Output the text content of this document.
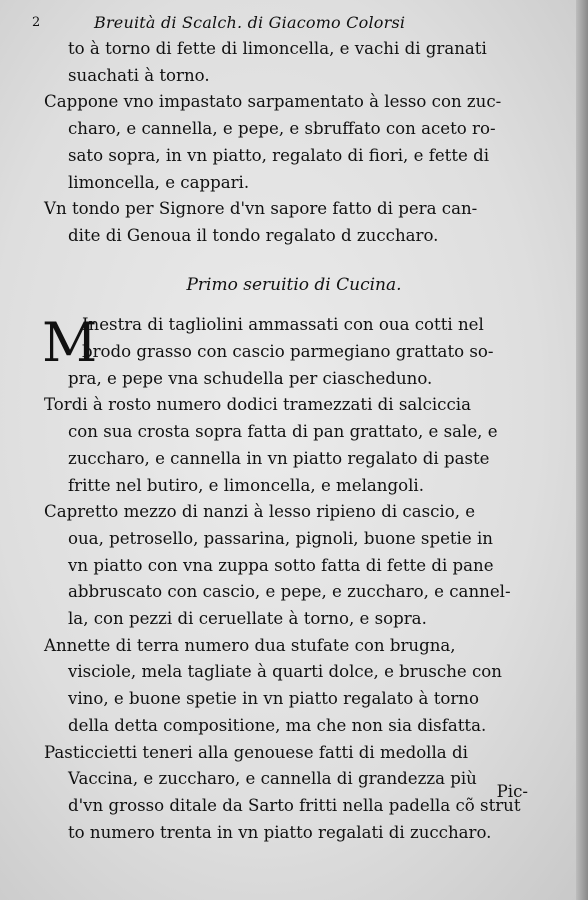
2	Breuità di Scalch. di Giacomo Colorsi
to à torno di fette di limoncella, e vachi di granati
suachati à torno.
Cappone vno impastato sarpamentato à lesso con zuc-
charo, e cannella, e pepe, e sbruffato con aceto ro-
sato sopra, in vn piatto, regalato di fiori, e fette di
limoncella, e cappari.
Vn tondo per Signore d'vn sapore fatto di pera can-
dite di Genoua il tondo regalato d zuccharo.
Primo seruitio di Cucina.
M
Inestra di tagliolini ammassati con oua cotti nel
brodo grasso con cascio parmegiano grattato so-
pra, e pepe vna schudella per ciascheduno.
Tordi à rosto numero dodici tramezzati di salciccia
con sua crosta sopra fatta di pan grattato, e sale, e
zuccharo, e cannella in vn piatto regalato di paste
fritte nel butiro, e limoncella, e melangoli.
Capretto mezzo di nanzi à lesso ripieno di cascio, e
oua, petrosello, passarina, pignoli, buone spetie in
vn piatto con vna zuppa sotto fatta di fette di pane
abbruscato con cascio, e pepe, e zuccharo, e cannel-
la, con pezzi di ceruellate à torno, e sopra.
Annette di terra numero dua stufate con brugna,
visciole, mela tagliate à quarti dolce, e brusche con
vino, e buone spetie in vn piatto regalato à torno
della detta compositione, ma che non sia disfatta.
Pasticcietti teneri alla genouese fatti di medolla di
Vaccina, e zuccharo, e cannella di grandezza più
d'vn grosso ditale da Sarto fritti nella padella cõ strut
to numero trenta in vn piatto regalati di zuccharo.
Pic-
